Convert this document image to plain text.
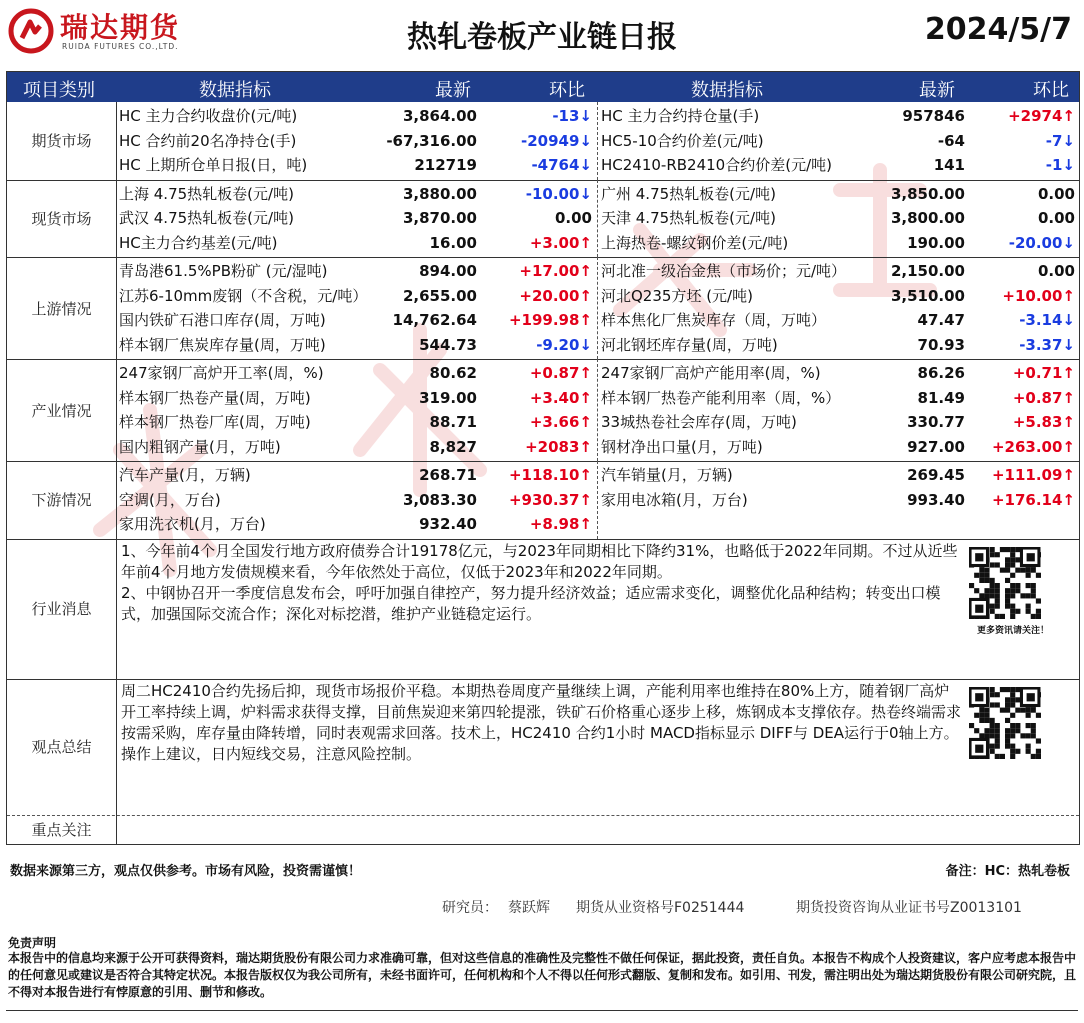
瑞达期货
RUIDA FUTURES CO.,LTD.	热轧卷板产业链日报	2024/5/7
项目类别	数据指标	最新	环比	数据指标	最新	环比
期货市场
HC 主力合约收盘价(元/吨)	3,864.00	-13↓ HC 主力合约持仓量(手)	957846	+2974↑
HC 合约前20名净持仓(手)	-67,316.00	-20949↓ HC5-10合约价差(元/吨)	-64	-7↓
HC 上期所仓单日报(日，吨)	212719	-4764↓ HC2410-RB2410合约价差(元/吨)	141	-1↓
现货市场
上海 4.75热轧板卷(元/吨)	3,880.00	-10.00↓ 广州 4.75热轧板卷(元/吨)	3,850.00	0.00
武汉 4.75热轧板卷(元/吨)	3,870.00	0.00 天津 4.75热轧板卷(元/吨)	3,800.00	0.00
HC主力合约基差(元/吨)	16.00	+3.00↑ 上海热卷-螺纹钢价差(元/吨)	190.00	-20.00↓
上游情况
青岛港61.5%PB粉矿 (元/湿吨)	894.00	+17.00↑ 河北准一级冶金焦（市场价；元/吨）	2,150.00	0.00
江苏6-10mm废钢（不含税，元/吨）	2,655.00	+20.00↑ 河北Q235方坯 (元/吨)	3,510.00	+10.00↑
国内铁矿石港口库存(周，万吨)	14,762.64	+199.98↑ 样本焦化厂焦炭库存（周，万吨）	47.47	-3.14↓
样本钢厂焦炭库存量(周，万吨)	544.73	-9.20↓ 河北钢坯库存量(周，万吨)	70.93	-3.37↓
产业情况
247家钢厂高炉开工率(周，%)	80.62	+0.87↑ 247家钢厂高炉产能用率(周，%)	86.26	+0.71↑
样本钢厂热卷产量(周，万吨)	319.00	+3.40↑ 样本钢厂热卷产能利用率（周，%）	81.49	+0.87↑
样本钢厂热卷厂库(周，万吨)	88.71	+3.66↑ 33城热卷社会库存(周，万吨)	330.77	+5.83↑
国内粗钢产量(月，万吨)	8,827	+2083↑ 钢材净出口量(月，万吨)	927.00	+263.00↑
下游情况
汽车产量(月，万辆)	268.71	+118.10↑ 汽车销量(月，万辆)	269.45	+111.09↑
空调(月，万台)	3,083.30	+930.37↑ 家用电冰箱(月，万台)	993.40	+176.14↑
家用洗衣机(月，万台)	932.40	+8.98↑
行业消息
1、今年前4个月全国发行地方政府债券合计19178亿元，与2023年同期相比下降约31%，也略低于2022年同期。不过从近些年前4个月地方发债规模来看，今年依然处于高位，仅低于2023年和2022年同期。
2、中钢协召开一季度信息发布会，呼吁加强自律控产，努力提升经济效益；适应需求变化，调整优化品种结构；转变出口模式，加强国际交流合作；深化对标挖潜，维护产业链稳定运行。
更多资讯请关注！
观点总结
周二HC2410合约先扬后抑，现货市场报价平稳。本期热卷周度产量继续上调，产能利用率也维持在80%上方，随着钢厂高炉开工率持续上调，炉料需求获得支撑，目前焦炭迎来第四轮提涨，铁矿石价格重心逐步上移，炼钢成本支撑依存。热卷终端需求按需采购，库存量由降转增，同时表观需求回落。技术上，HC2410 合约1小时 MACD指标显示 DIFF与 DEA运行于0轴上方。操作上建议，日内短线交易，注意风险控制。
重点关注
数据来源第三方，观点仅供参考。市场有风险，投资需谨慎！	备注：HC：热轧卷板
研究员： 蔡跃辉 期货从业资格号F0251444	期货投资咨询从业证书号Z0013101
免责声明
本报告中的信息均来源于公开可获得资料，瑞达期货股份有限公司力求准确可靠，但对这些信息的准确性及完整性不做任何保证，据此投资，责任自负。本报告不构成个人投资建议，客户应考虑本报告中的任何意见或建议是否符合其特定状况。本报告版权仅为我公司所有，未经书面许可，任何机构和个人不得以任何形式翻版、复制和发布。如引用、刊发，需注明出处为瑞达期货股份有限公司研究院，且不得对本报告进行有悖原意的引用、删节和修改。
